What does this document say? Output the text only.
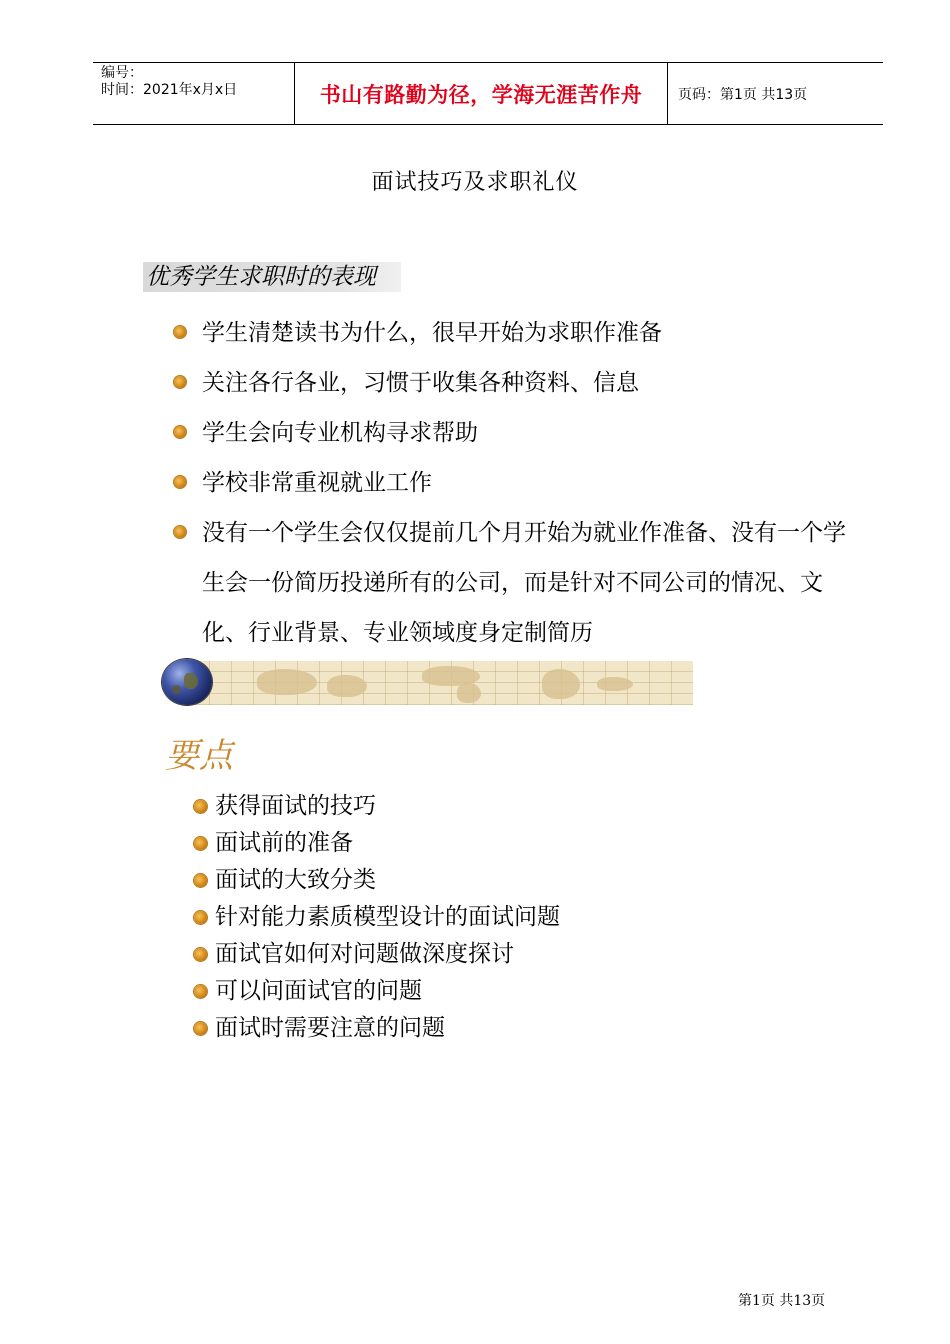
编号：
时间：2021年x月x日	书山有路勤为径，学海无涯苦作舟	页码：第1页 共13页
面试技巧及求职礼仪
优秀学生求职时的表现
学生清楚读书为什么，很早开始为求职作准备
关注各行各业，习惯于收集各种资料、信息
学生会向专业机构寻求帮助
学校非常重视就业工作
没有一个学生会仅仅提前几个月开始为就业作准备、没有一个学生会一份简历投递所有的公司，而是针对不同公司的情况、文化、行业背景、专业领域度身定制简历
要点
获得面试的技巧
面试前的准备
面试的大致分类
针对能力素质模型设计的面试问题
面试官如何对问题做深度探讨
可以问面试官的问题
面试时需要注意的问题
第1页 共13页
